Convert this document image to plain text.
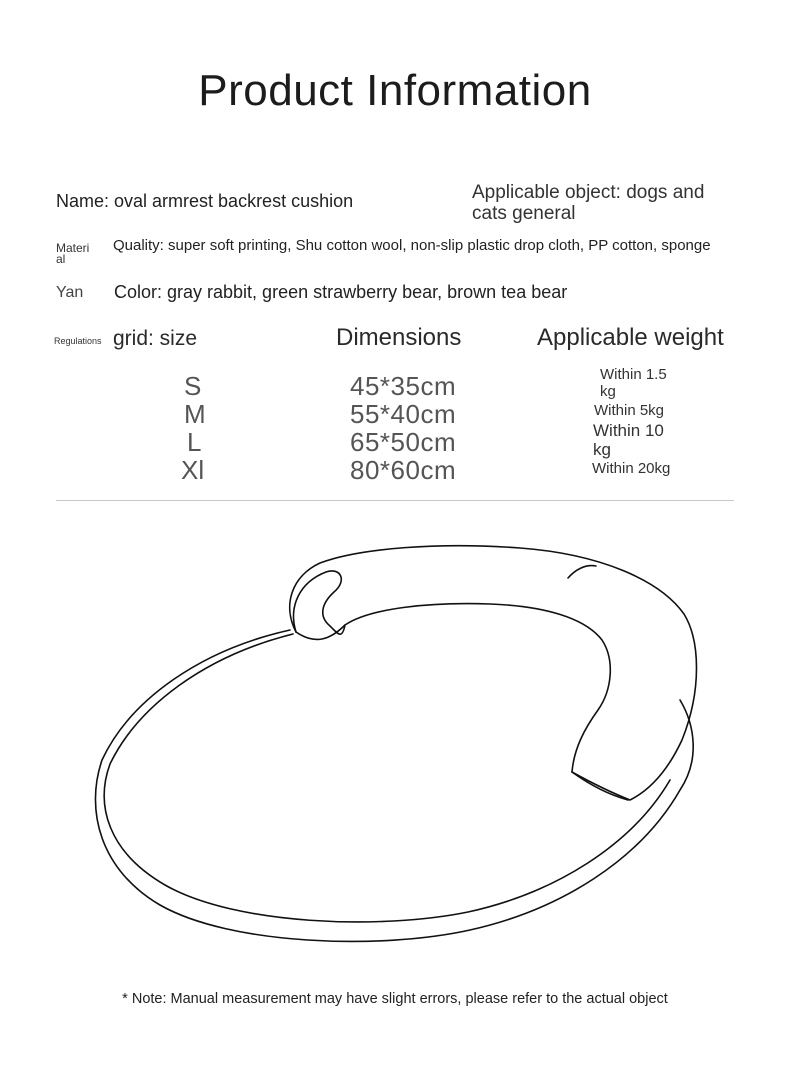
Product Information
Name: oval armrest backrest cushion	Applicable object: dogs and cats general
Materi al
Quality: super soft printing, Shu cotton wool, non-slip plastic drop cloth, PP cotton, sponge
Yan Color: gray rabbit, green strawberry bear, brown tea bear
Regulations grid: size	Dimensions	Applicable weight
S	45*35cm	Within 1.5 kg
M	55*40cm	Within 5kg
L	65*50cm	Within 10 kg
Xl	80*60cm	Within 20kg
* Note: Manual measurement may have slight errors, please refer to the actual object
